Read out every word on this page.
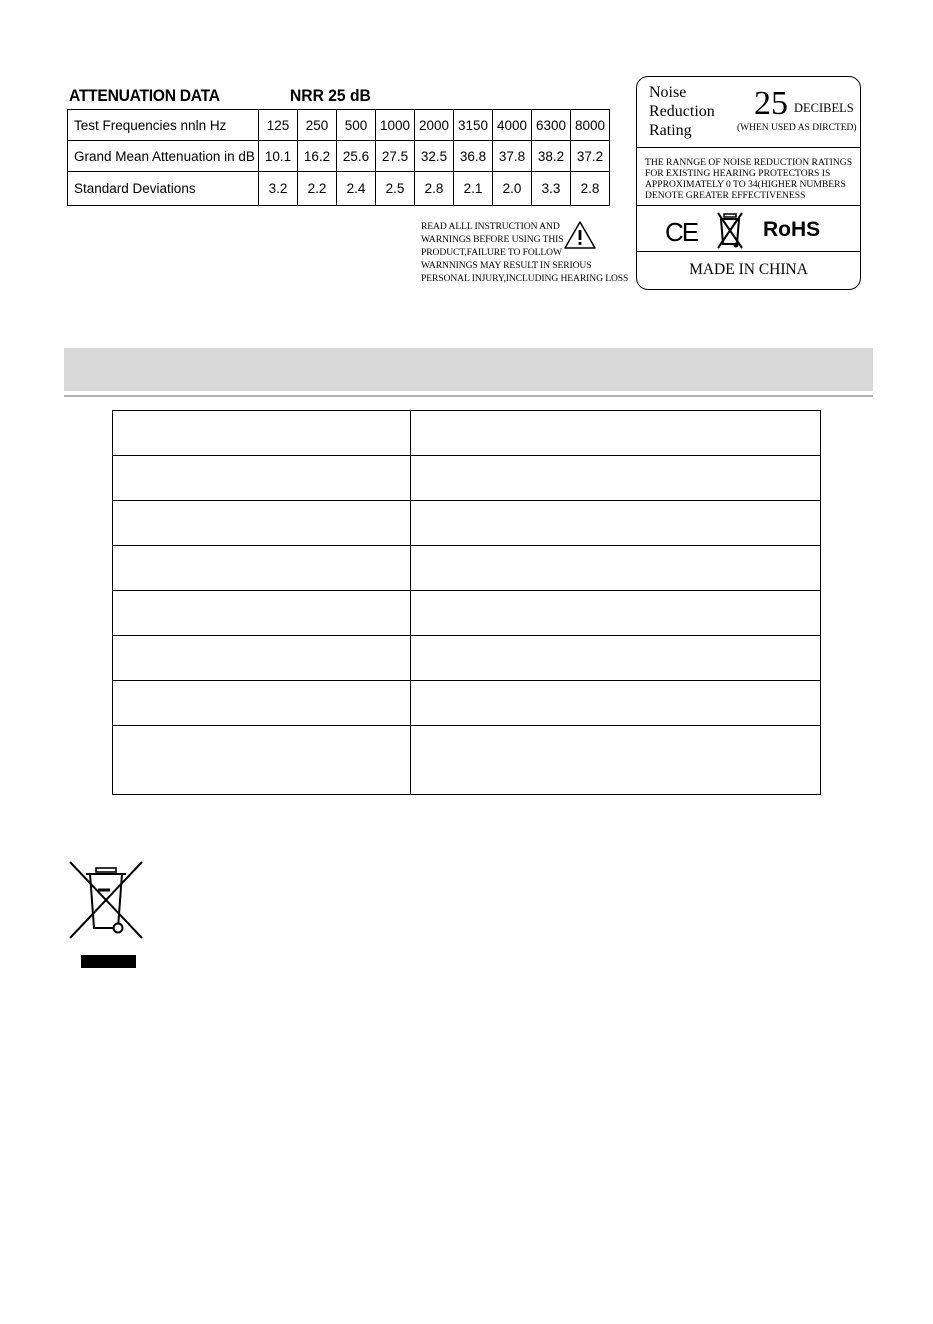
ATTENUATION DATA	NRR 25 dB
Test Frequencies nnln Hz	125	250	500	1000	2000	3150	4000	6300	8000
Grand Mean Attenuation in dB	10.1	16.2	25.6	27.5	32.5	36.8	37.8	38.2	37.2
Standard Deviations	3.2	2.2	2.4	2.5	2.8	2.1	2.0	3.3	2.8
READ ALLL INSTRUCTION AND
WARNINGS BEFORE USING THIS
PRODUCT,FAILURE TO FOLLOW
WARNNINGS MAY RESULT IN SERIOUS
PERSONAL INJURY,INCLUDING HEARING LOSS
Noise
Reduction
Rating
25 DECIBELS
(WHEN USED AS DIRCTED)
THE RANNGE OF NOISE REDUCTION RATINGS
FOR EXISTING HEARING PROTECTORS IS
APPROXIMATELY 0 TO 34(HIGHER NUMBERS
DENOTE GREATER EFFECTIVENESS
CE	RoHS
MADE IN CHINA
